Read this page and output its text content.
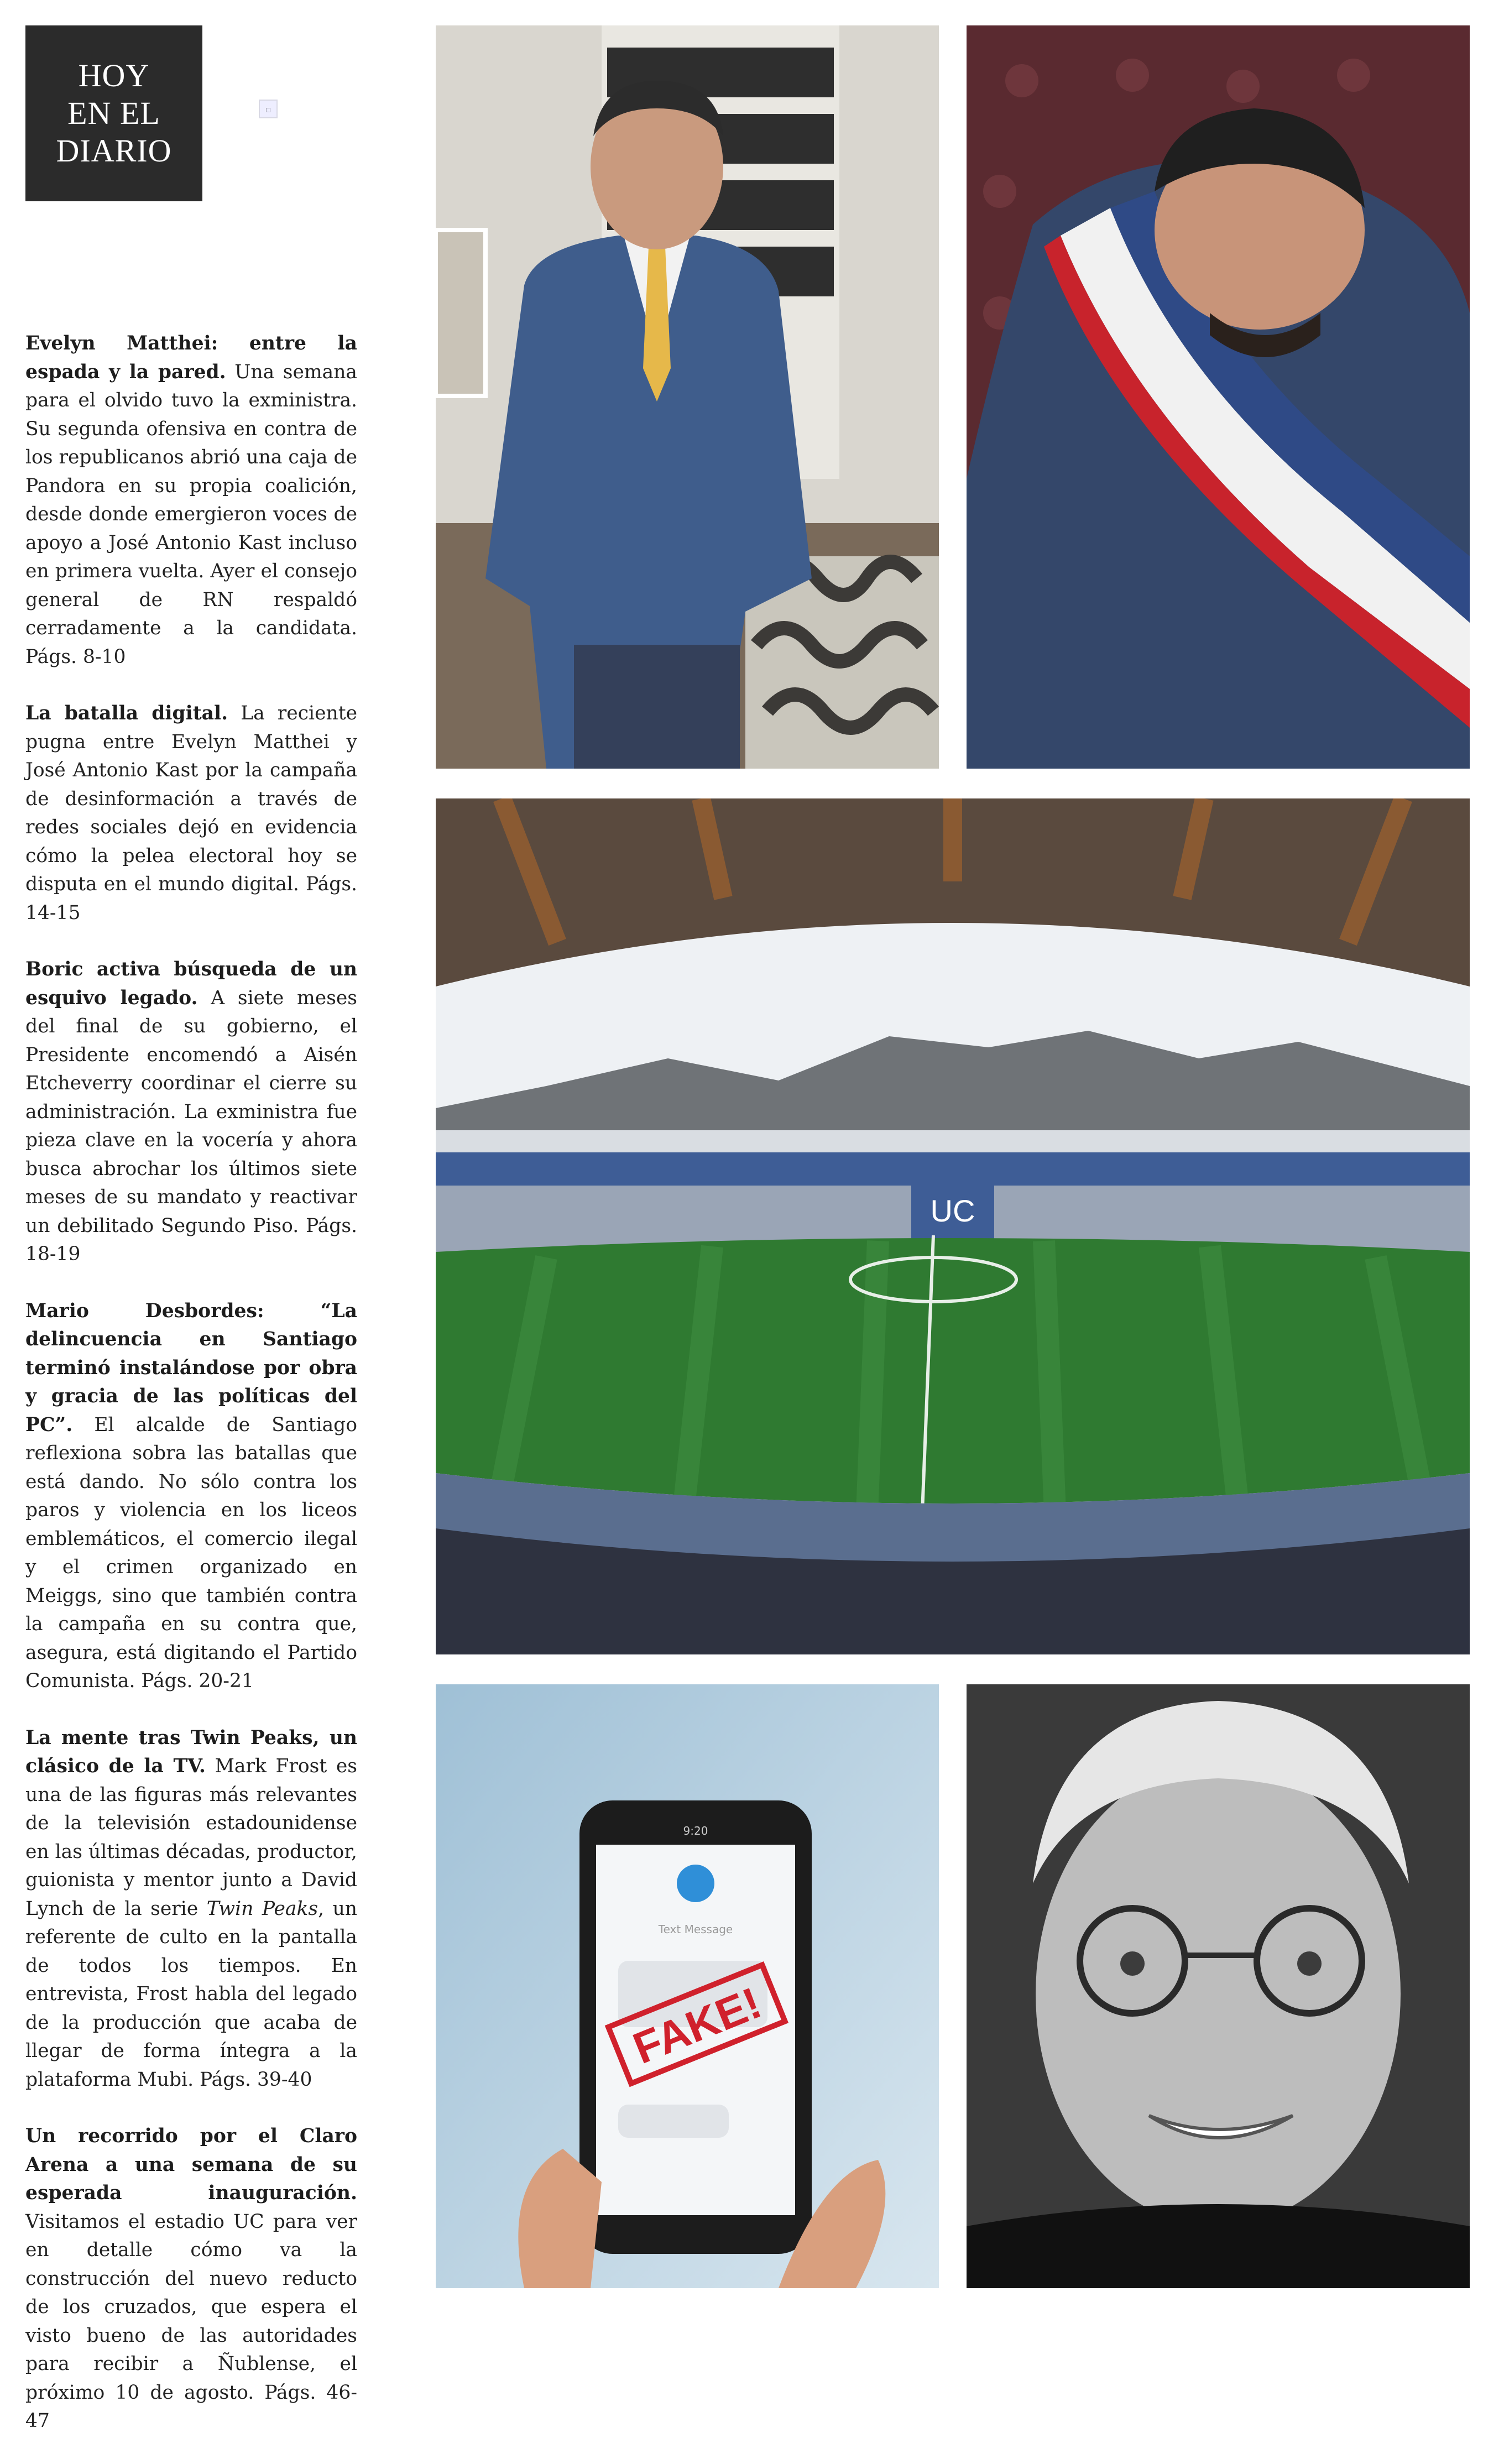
HOY
EN EL
DIARIO
▫

Evelyn Matthei: entre la espada y la pared. Una semana para el olvido tuvo la exministra. Su segunda ofensiva en contra de los republicanos abrió una caja de Pandora en su propia coalición, desde donde emergieron voces de apoyo a José Antonio Kast incluso en primera vuelta. Ayer el consejo general de RN respaldó cerradamente a la candidata. Págs. 8-10

La batalla digital. La reciente pugna entre Evelyn Matthei y José Antonio Kast por la campaña de desinformación a través de redes sociales dejó en evidencia cómo la pelea electoral hoy se disputa en el mundo digital. Págs. 14-15

Boric activa búsqueda de un esquivo legado. A siete meses del final de su gobierno, el Presidente encomendó a Aisén Etcheverry coordinar el cierre su administración. La exministra fue pieza clave en la vocería y ahora busca abrochar los últimos siete meses de su mandato y reactivar un debilitado Segundo Piso. Págs. 18-19

Mario Desbordes: “La delincuencia en Santiago terminó instalándose por obra y gracia de las políticas del PC”. El alcalde de Santiago reflexiona sobra las batallas que está dando. No sólo contra los paros y violencia en los liceos emblemáticos, el comercio ilegal y el crimen organizado en Meiggs, sino que también contra la campaña en su contra que, asegura, está digitando el Partido Comunista. Págs. 20-21

La mente tras Twin Peaks, un clásico de la TV. Mark Frost es una de las figuras más relevantes de la televisión estadounidense en las últimas décadas, productor, guionista y mentor junto a David Lynch de la serie Twin Peaks, un referente de culto en la pantalla de todos los tiempos. En entrevista, Frost habla del legado de la producción que acaba de llegar de forma íntegra a la plataforma Mubi. Págs. 39-40

Un recorrido por el Claro Arena a una semana de su esperada inauguración. Visitamos el estadio UC para ver en detalle cómo va la construcción del nuevo reducto de los cruzados, que espera el visto bueno de las autoridades para recibir a Ñublense, el próximo 10 de agosto. Págs. 46-47

UC
9:20
Text Message
FAKE!
